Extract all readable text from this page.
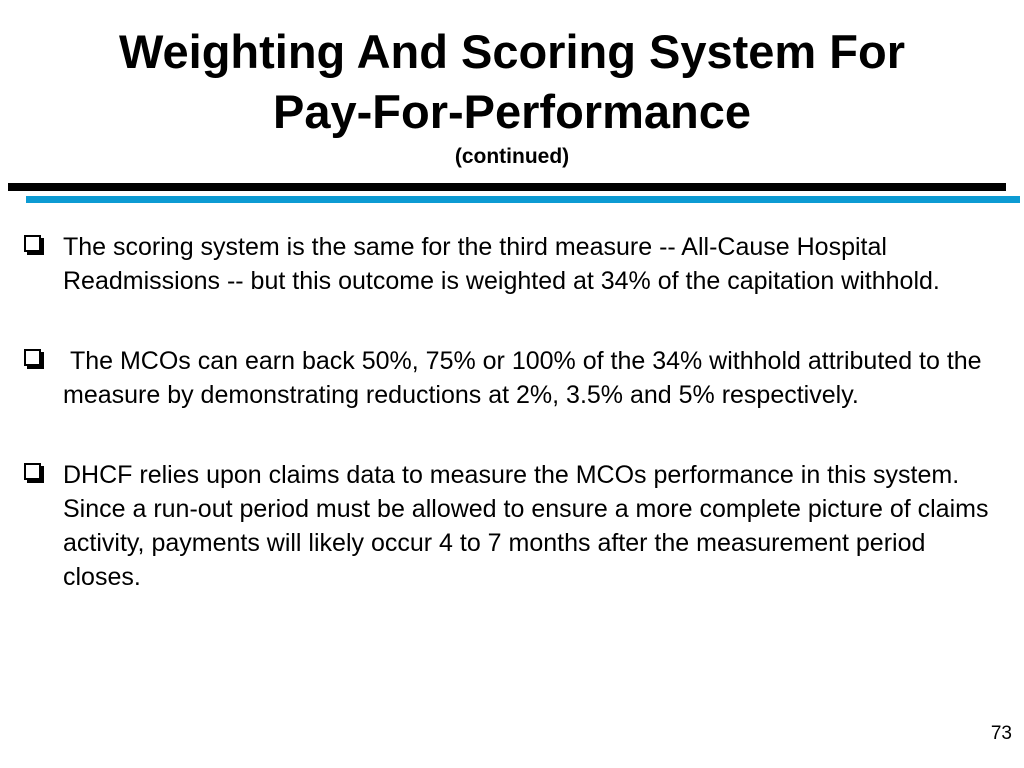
Weighting And Scoring System For
Pay-For-Performance
(continued)
The scoring system is the same for the third measure -- All-Cause Hospital Readmissions -- but this outcome is weighted at 34% of the capitation withhold.
The MCOs can earn back 50%, 75% or 100% of the 34% withhold attributed to the measure by demonstrating reductions at 2%, 3.5% and 5% respectively.
DHCF relies upon claims data to measure the MCOs performance in this system.  Since a run-out period must be allowed to ensure a more complete picture of claims activity, payments will likely occur 4 to 7 months after the measurement period closes.
73
